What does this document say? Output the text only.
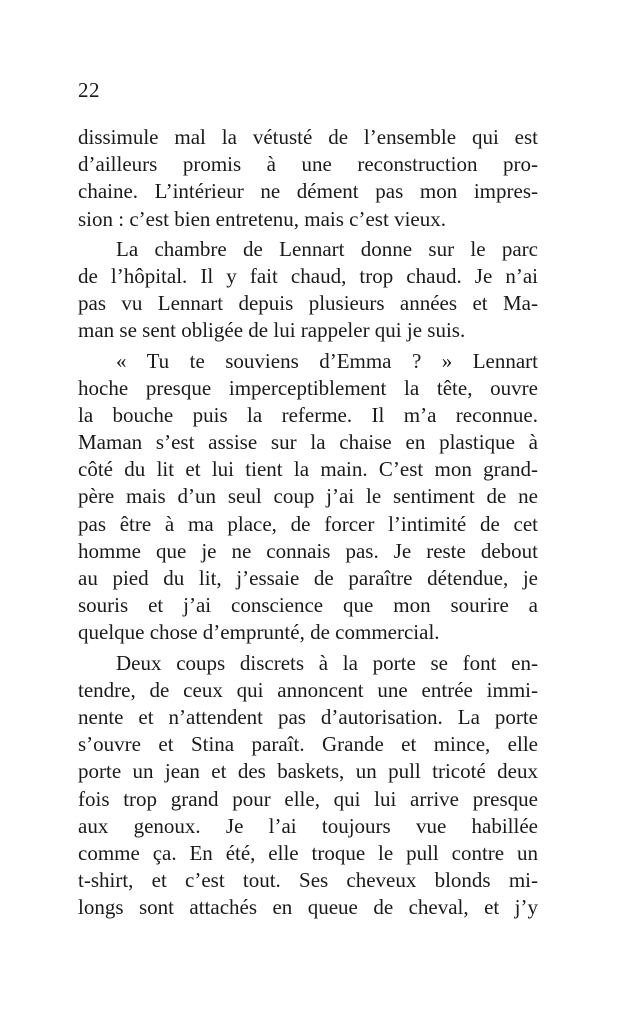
22
dissimule mal la vétusté de l’ensemble qui est
d’ailleurs promis à une reconstruction pro-
chaine. L’intérieur ne dément pas mon impres-
sion : c’est bien entretenu, mais c’est vieux.
La chambre de Lennart donne sur le parc
de l’hôpital. Il y fait chaud, trop chaud. Je n’ai
pas vu Lennart depuis plusieurs années et Ma-
man se sent obligée de lui rappeler qui je suis.
« Tu te souviens d’Emma ? » Lennart
hoche presque imperceptiblement la tête, ouvre
la bouche puis la referme. Il m’a reconnue.
Maman s’est assise sur la chaise en plastique à
côté du lit et lui tient la main. C’est mon grand-
père mais d’un seul coup j’ai le sentiment de ne
pas être à ma place, de forcer l’intimité de cet
homme que je ne connais pas. Je reste debout
au pied du lit, j’essaie de paraître détendue, je
souris et j’ai conscience que mon sourire a
quelque chose d’emprunté, de commercial.
Deux coups discrets à la porte se font en-
tendre, de ceux qui annoncent une entrée immi-
nente et n’attendent pas d’autorisation. La porte
s’ouvre et Stina paraît. Grande et mince, elle
porte un jean et des baskets, un pull tricoté deux
fois trop grand pour elle, qui lui arrive presque
aux genoux. Je l’ai toujours vue habillée
comme ça. En été, elle troque le pull contre un
t-shirt, et c’est tout. Ses cheveux blonds mi-
longs sont attachés en queue de cheval, et j’y
